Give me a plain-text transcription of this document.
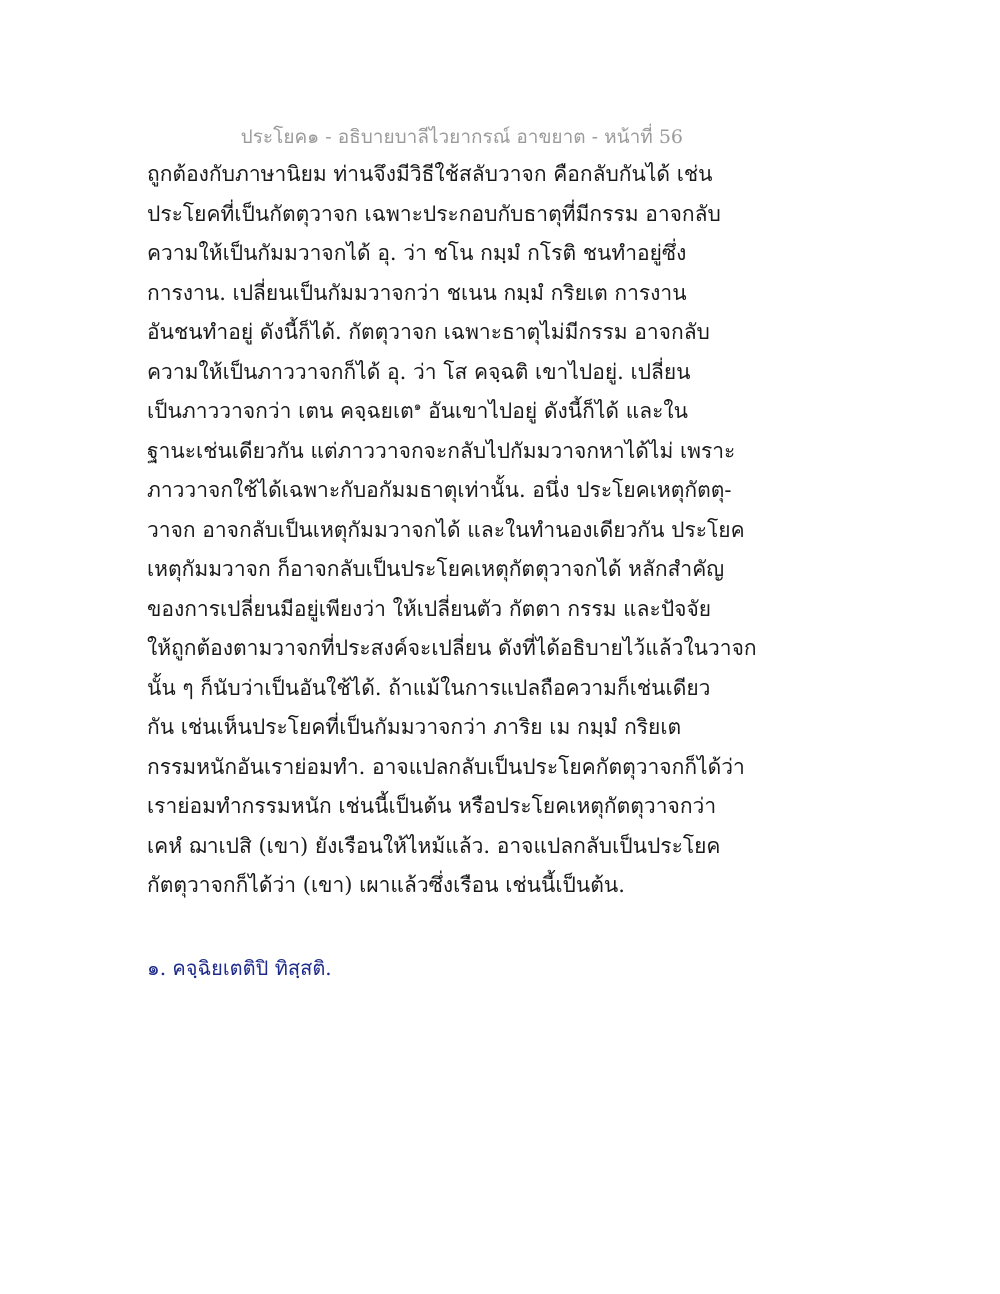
ประโยค๑ - อธิบายบาลีไวยากรณ์ อาขยาต - หน้าที่ 56
ถูกต้องกับภาษานิยม ท่านจึงมีวิธีใช้สลับวาจก คือกลับกันได้ เช่น
ประโยคที่เป็นกัตตุวาจก เฉพาะประกอบกับธาตุที่มีกรรม อาจกลับ
ความให้เป็นกัมมวาจกได้ อุ. ว่า ชโน กมฺมํ กโรติ ชนทำอยู่ซึ่ง
การงาน. เปลี่ยนเป็นกัมมวาจกว่า ชเนน กมฺมํ กริยเต การงาน
อันชนทำอยู่ ดังนี้ก็ได้. กัตตุวาจก เฉพาะธาตุไม่มีกรรม อาจกลับ
ความให้เป็นภาววาจกก็ได้ อุ. ว่า โส คจฺฉติ เขาไปอยู่. เปลี่ยน
เป็นภาววาจกว่า เตน คจฺฉยเต$^๑$ อันเขาไปอยู่ ดังนี้ก็ได้ และใน
ฐานะเช่นเดียวกัน แต่ภาววาจกจะกลับไปกัมมวาจกหาได้ไม่ เพราะ
ภาววาจกใช้ได้เฉพาะกับอกัมมธาตุเท่านั้น. อนึ่ง ประโยคเหตุกัตตุ-
วาจก อาจกลับเป็นเหตุกัมมวาจกได้ และในทำนองเดียวกัน ประโยค
เหตุกัมมวาจก ก็อาจกลับเป็นประโยคเหตุกัตตุวาจกได้ หลักสำคัญ
ของการเปลี่ยนมีอยู่เพียงว่า ให้เปลี่ยนตัว กัตตา กรรม และปัจจัย
ให้ถูกต้องตามวาจกที่ประสงค์จะเปลี่ยน ดังที่ได้อธิบายไว้แล้วในวาจก
นั้น ๆ ก็นับว่าเป็นอันใช้ได้. ถ้าแม้ในการแปลถือความก็เช่นเดียว
กัน เช่นเห็นประโยคที่เป็นกัมมวาจกว่า ภาริย เม กมฺมํ กริยเต
กรรมหนักอันเราย่อมทำ. อาจแปลกลับเป็นประโยคกัตตุวาจกก็ได้ว่า
เราย่อมทำกรรมหนัก เช่นนี้เป็นต้น หรือประโยคเหตุกัตตุวาจกว่า
เคหํ ฌาเปสิ (เขา) ยังเรือนให้ไหม้แล้ว. อาจแปลกลับเป็นประโยค
กัตตุวาจกก็ได้ว่า (เขา) เผาแล้วซึ่งเรือน เช่นนี้เป็นต้น.
๑. คจฺฉิยเตติปิ ทิสฺสติ.
